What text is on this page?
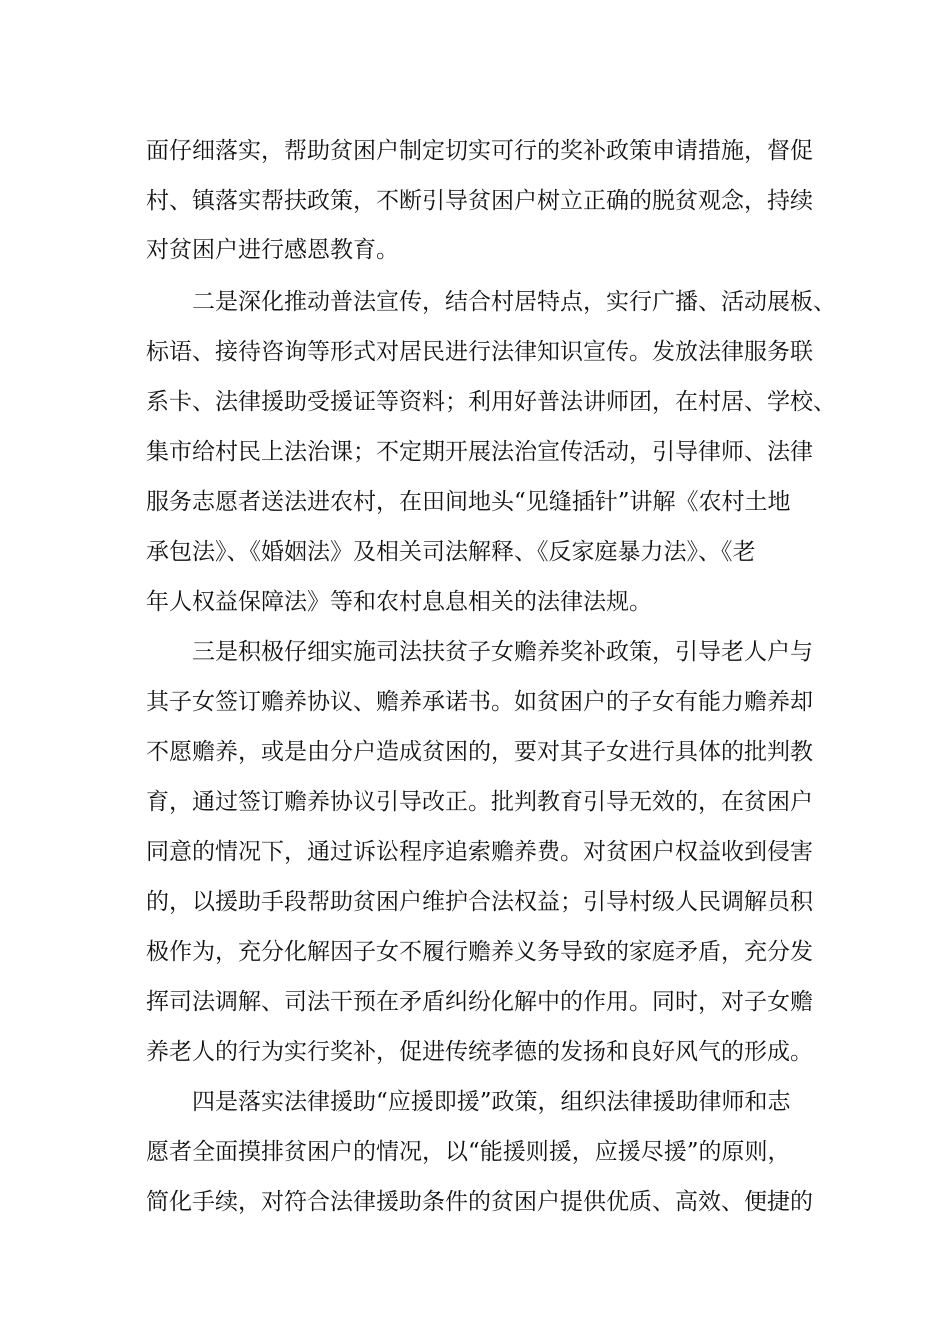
面仔细落实，帮助贫困户制定切实可行的奖补政策申请措施，督促
村、镇落实帮扶政策，不断引导贫困户树立正确的脱贫观念，持续
对贫困户进行感恩教育。
二是深化推动普法宣传，结合村居特点，实行广播、活动展板、
标语、接待咨询等形式对居民进行法律知识宣传。发放法律服务联
系卡、法律援助受援证等资料；利用好普法讲师团，在村居、学校、
集市给村民上法治课；不定期开展法治宣传活动，引导律师、法律
服务志愿者送法进农村，在田间地头“见缝插针”讲解《农村土地
承包法》、《婚姻法》及相关司法解释、《反家庭暴力法》、《老
年人权益保障法》等和农村息息相关的法律法规。
三是积极仔细实施司法扶贫子女赡养奖补政策，引导老人户与
其子女签订赡养协议、赡养承诺书。如贫困户的子女有能力赡养却
不愿赡养，或是由分户造成贫困的，要对其子女进行具体的批判教
育，通过签订赡养协议引导改正。批判教育引导无效的，在贫困户
同意的情况下，通过诉讼程序追索赡养费。对贫困户权益收到侵害
的，以援助手段帮助贫困户维护合法权益；引导村级人民调解员积
极作为，充分化解因子女不履行赡养义务导致的家庭矛盾，充分发
挥司法调解、司法干预在矛盾纠纷化解中的作用。同时，对子女赡
养老人的行为实行奖补，促进传统孝德的发扬和良好风气的形成。
四是落实法律援助“应援即援”政策，组织法律援助律师和志
愿者全面摸排贫困户的情况，以“能援则援，应援尽援”的原则，
简化手续，对符合法律援助条件的贫困户提供优质、高效、便捷的
